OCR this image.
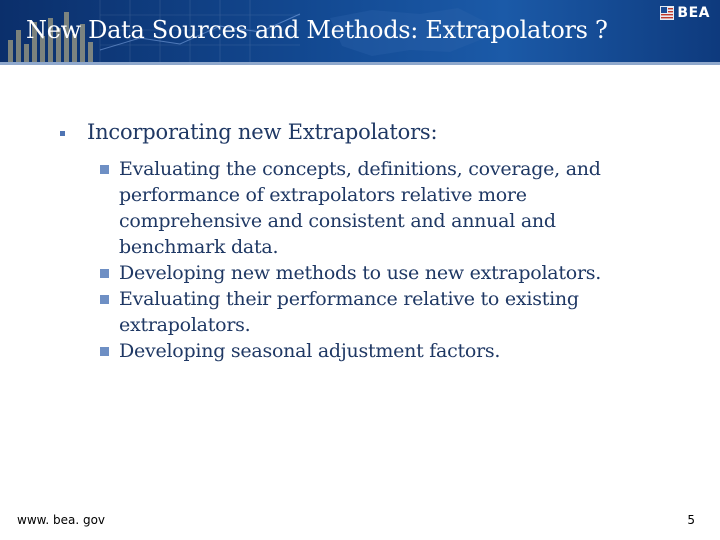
BEA
New Data Sources and Methods: Extrapolators ?
Incorporating new Extrapolators:
Evaluating the concepts, definitions, coverage, and performance of extrapolators relative more comprehensive and consistent and annual and benchmark data.
Developing new methods to use new extrapolators.
Evaluating their performance relative to existing extrapolators.
Developing seasonal adjustment factors.
www. bea. gov	5
